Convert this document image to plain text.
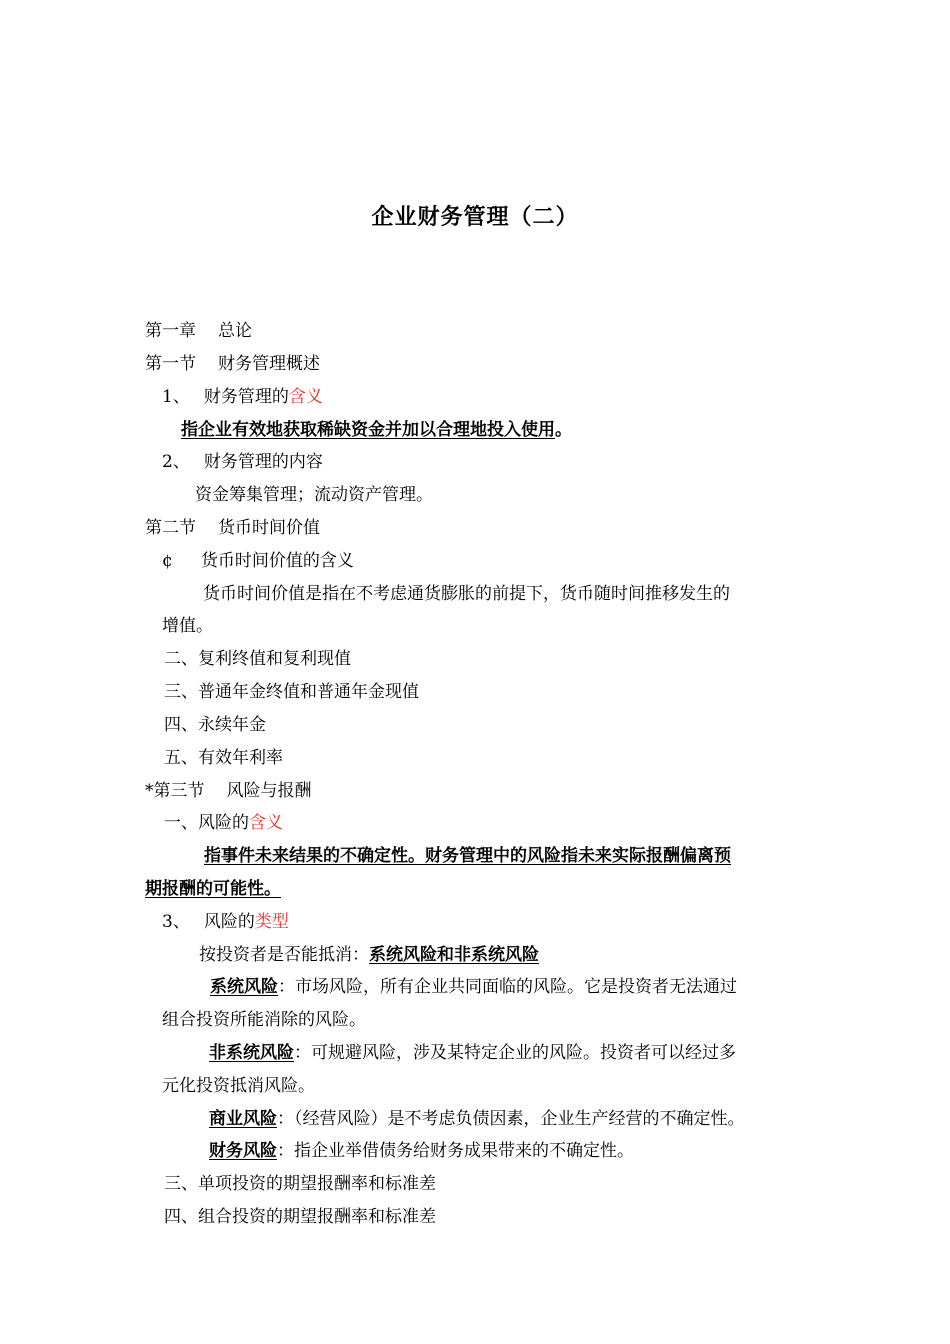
企业财务管理（二）
第一章 总论
第一节 财务管理概述
1、 财务管理的含义
指企业有效地获取稀缺资金并加以合理地投入使用。
2、 财务管理的内容
资金筹集管理；流动资产管理。
第二节 货币时间价值
¢ 货币时间价值的含义
货币时间价值是指在不考虑通货膨胀的前提下，货币随时间推移发生的
增值。
二、复利终值和复利现值
三、普通年金终值和普通年金现值
四、永续年金
五、有效年利率
*第三节 风险与报酬
一、风险的含义
指事件未来结果的不确定性。财务管理中的风险指未来实际报酬偏离预
期报酬的可能性。
3、 风险的类型
按投资者是否能抵消：系统风险和非系统风险
系统风险：市场风险，所有企业共同面临的风险。它是投资者无法通过
组合投资所能消除的风险。
非系统风险：可规避风险，涉及某特定企业的风险。投资者可以经过多
元化投资抵消风险。
商业风险：（经营风险）是不考虑负债因素，企业生产经营的不确定性。
财务风险：指企业举借债务给财务成果带来的不确定性。
三、单项投资的期望报酬率和标准差
四、组合投资的期望报酬率和标准差
